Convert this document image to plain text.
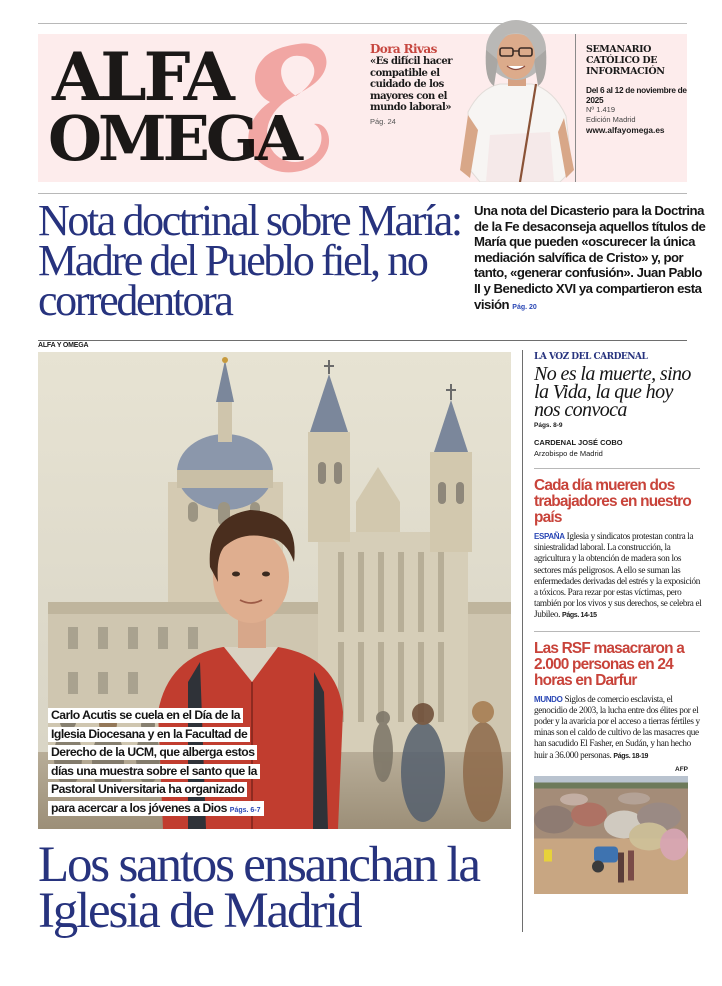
ALFA
OMEGA
Dora Rivas
«Es difícil hacer compatible el cuidado de los mayores con el mundo laboral»
Pág. 24
SEMANARIO CATÓLICO DE INFORMACIÓN
Del 6 al 12 de noviembre de 2025
Nº 1.419
Edición Madrid
www.alfayomega.es
Nota doctrinal sobre María: Madre del Pueblo fiel, no corredentora

Una nota del Dicasterio para la Doctrina de la Fe desaconseja aquellos títulos de María que pueden «oscurecer la única mediación salvífica de Cristo» y, por tanto, «generar confusión». Juan Pablo II y Benedicto XVI ya compartieron esta visión Pág. 20

ALFA Y OMEGA
Carlo Acutis se cuela en el Día de la
Iglesia Diocesana y en la Facultad de
Derecho de la UCM, que alberga estos
días una muestra sobre el santo que la
Pastoral Universitaria ha organizado
para acercar a los jóvenes a Dios Págs. 6-7
Los santos ensanchan la Iglesia de Madrid
LA VOZ DEL CARDENAL
No es la muerte, sino la Vida, la que hoy nos convoca
Págs. 8-9
CARDENAL JOSÉ COBO
Arzobispo de Madrid
Cada día mueren dos trabajadores en nuestro país
ESPAÑA Iglesia y sindicatos protestan contra la siniestralidad laboral. La construcción, la agricultura y la obtención de madera son los sectores más peligrosos. A ello se suman las enfermedades derivadas del estrés y la exposición a tóxicos. Para rezar por estas víctimas, pero también por los vivos y sus derechos, se celebra el Jubileo. Págs. 14-15
Las RSF masacraron a 2.000 personas en 24 horas en Darfur
MUNDO Siglos de comercio esclavista, el genocidio de 2003, la lucha entre dos élites por el poder y la avaricia por el acceso a tierras fértiles y minas son el caldo de cultivo de las masacres que han sacudido El Fasher, en Sudán, y han hecho huir a 36.000 personas. Págs. 18-19
AFP
